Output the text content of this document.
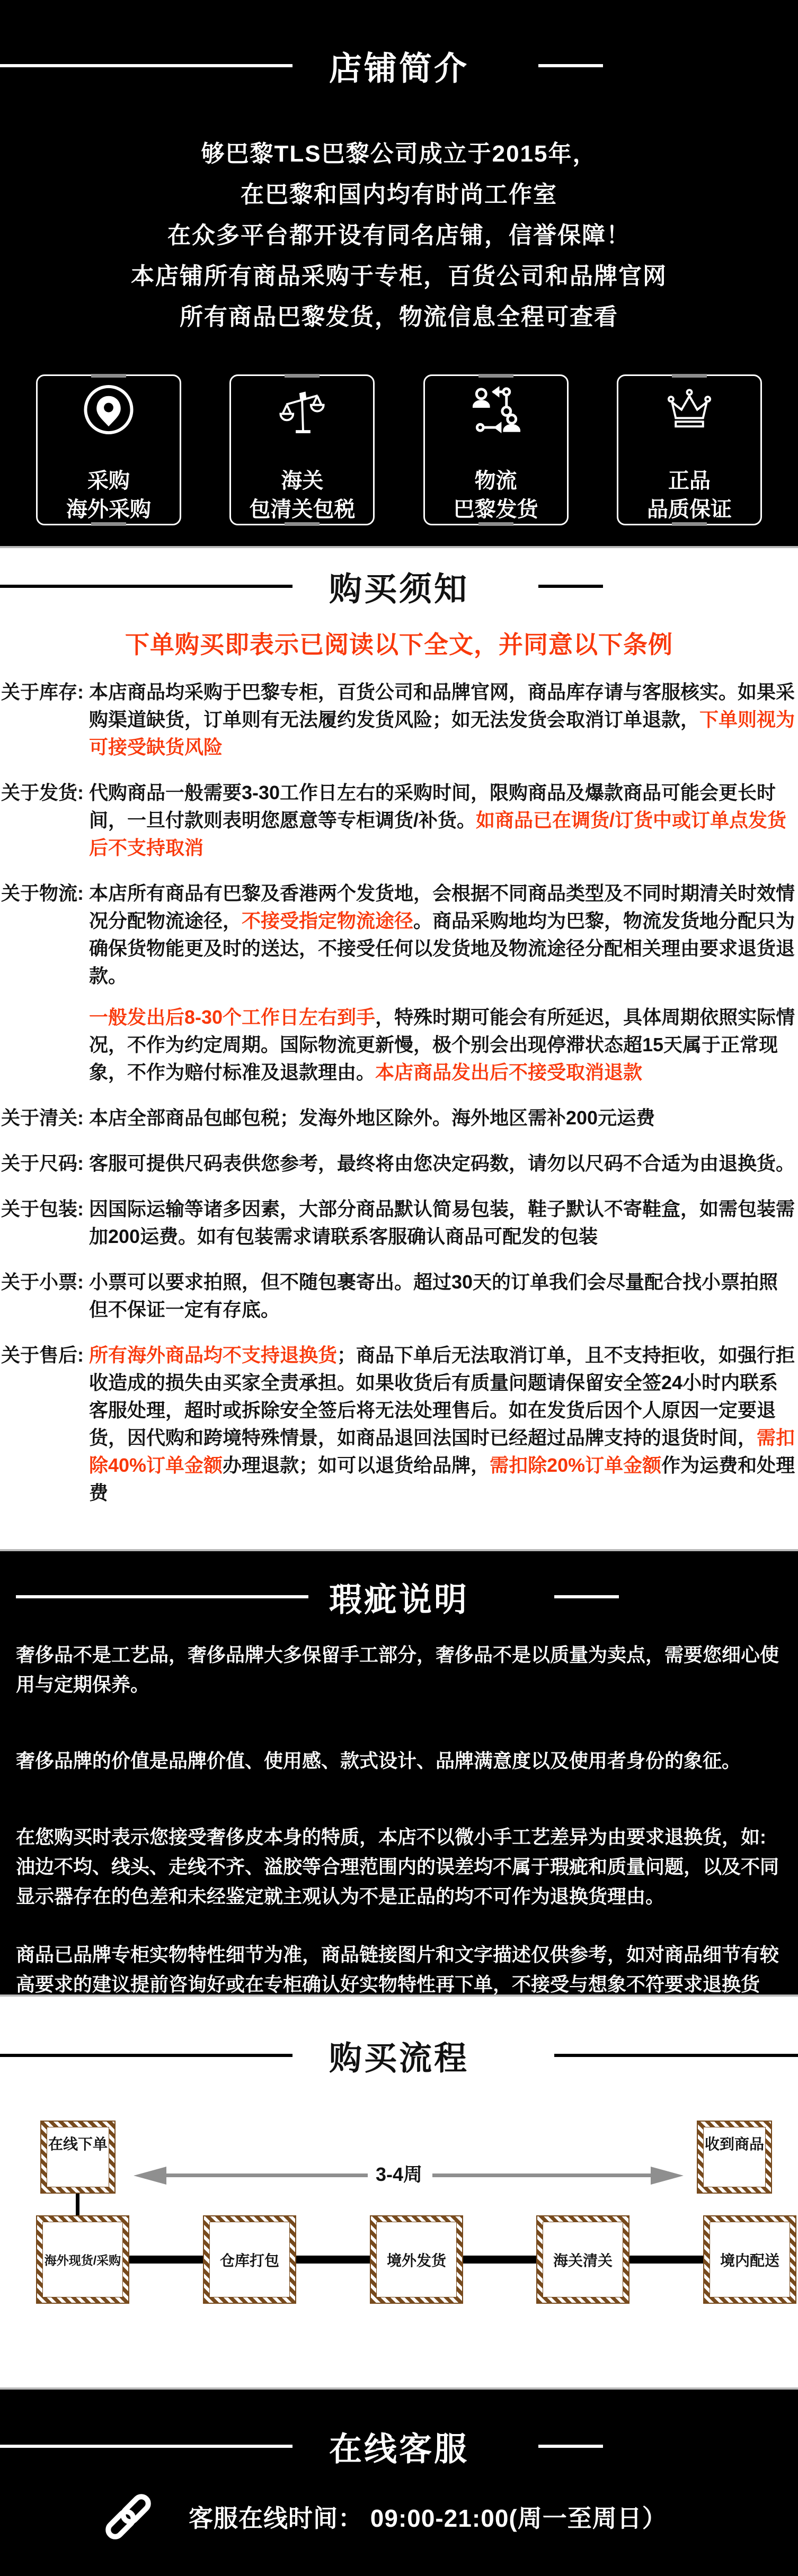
店铺简介
够巴黎TLS巴黎公司成立于2015年，
在巴黎和国内均有时尚工作室
在众多平台都开设有同名店铺，信誉保障！
本店铺所有商品采购于专柜，百货公司和品牌官网
所有商品巴黎发货，物流信息全程可查看
采购
海外采购
海关
包清关包税
物流
巴黎发货
正品
品质保证
购买须知
下单购买即表示已阅读以下全文，并同意以下条例
关于库存: 本店商品均采购于巴黎专柜，百货公司和品牌官网，商品库存请与客服核实。如果采购渠道缺货，订单则有无法履约发货风险；如无法发货会取消订单退款，下单则视为可接受缺货风险
关于发货: 代购商品一般需要3-30工作日左右的采购时间，限购商品及爆款商品可能会更长时间，一旦付款则表明您愿意等专柜调货/补货。如商品已在调货/订货中或订单点发货后不支持取消
关于物流: 本店所有商品有巴黎及香港两个发货地，会根据不同商品类型及不同时期清关时效情况分配物流途径，不接受指定物流途径。商品采购地均为巴黎，物流发货地分配只为确保货物能更及时的送达，不接受任何以发货地及物流途径分配相关理由要求退货退款。
一般发出后8-30个工作日左右到手，特殊时期可能会有所延迟，具体周期依照实际情况，不作为约定周期。国际物流更新慢，极个别会出现停滞状态超15天属于正常现象，不作为赔付标准及退款理由。本店商品发出后不接受取消退款
关于清关: 本店全部商品包邮包税；发海外地区除外。海外地区需补200元运费
关于尺码: 客服可提供尺码表供您参考，最终将由您决定码数，请勿以尺码不合适为由退换货。
关于包装: 因国际运输等诸多因素，大部分商品默认简易包装，鞋子默认不寄鞋盒，如需包装需加200运费。如有包装需求请联系客服确认商品可配发的包装
关于小票: 小票可以要求拍照，但不随包裹寄出。超过30天的订单我们会尽量配合找小票拍照但不保证一定有存底。
关于售后: 所有海外商品均不支持退换货；商品下单后无法取消订单，且不支持拒收，如强行拒收造成的损失由买家全责承担。如果收货后有质量问题请保留安全签24小时内联系客服处理，超时或拆除安全签后将无法处理售后。如在发货后因个人原因一定要退货，因代购和跨境特殊情景，如商品退回法国时已经超过品牌支持的退货时间，需扣除40%订单金额办理退款；如可以退货给品牌，需扣除20%订单金额作为运费和处理费
瑕疵说明

奢侈品不是工艺品，奢侈品牌大多保留手工部分，奢侈品不是以质量为卖点，需要您细心使用与定期保养。

奢侈品牌的价值是品牌价值、使用感、款式设计、品牌满意度以及使用者身份的象征。

在您购买时表示您接受奢侈皮本身的特质，本店不以微小手工艺差异为由要求退换货，如:油边不均、线头、走线不齐、溢胶等合理范围内的误差均不属于瑕疵和质量问题，以及不同显示器存在的色差和未经鉴定就主观认为不是正品的均不可作为退换货理由。

商品已品牌专柜实物特性细节为准，商品链接图片和文字描述仅供参考，如对商品细节有较高要求的建议提前咨询好或在专柜确认好实物特性再下单，不接受与想象不符要求退换货

购买流程
在线下单	收到商品
3-4周
海外现货/采购	仓库打包	境外发货	海关清关	境内配送
在线客服
客服在线时间： 09:00-21:00(周一至周日）
